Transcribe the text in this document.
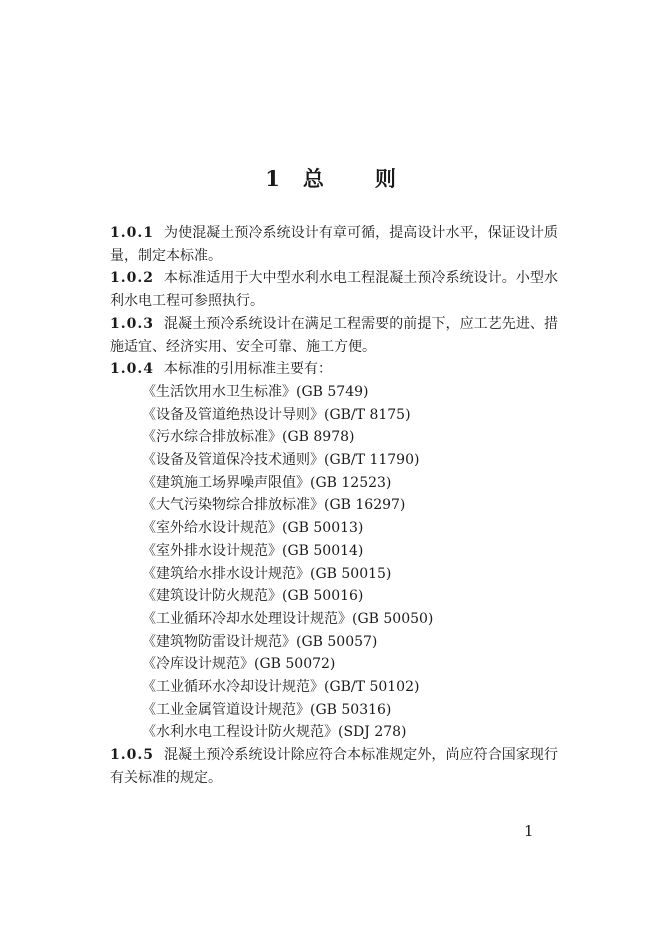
1 总 则

1.0.1 为使混凝土预冷系统设计有章可循，提高设计水平，保证设计质量，制定本标准。

1.0.2 本标准适用于大中型水利水电工程混凝土预冷系统设计。小型水利水电工程可参照执行。

1.0.3 混凝土预冷系统设计在满足工程需要的前提下，应工艺先进、措施适宜、经济实用、安全可靠、施工方便。

1.0.4 本标准的引用标准主要有：

《生活饮用水卫生标准》(GB 5749)
《设备及管道绝热设计导则》(GB/T 8175)
《污水综合排放标准》(GB 8978)
《设备及管道保冷技术通则》(GB/T 11790)
《建筑施工场界噪声限值》(GB 12523)
《大气污染物综合排放标准》(GB 16297)
《室外给水设计规范》(GB 50013)
《室外排水设计规范》(GB 50014)
《建筑给水排水设计规范》(GB 50015)
《建筑设计防火规范》(GB 50016)
《工业循环冷却水处理设计规范》(GB 50050)
《建筑物防雷设计规范》(GB 50057)
《冷库设计规范》(GB 50072)
《工业循环水冷却设计规范》(GB/T 50102)
《工业金属管道设计规范》(GB 50316)
《水利水电工程设计防火规范》(SDJ 278)

1.0.5 混凝土预冷系统设计除应符合本标准规定外，尚应符合国家现行有关标准的规定。

1
